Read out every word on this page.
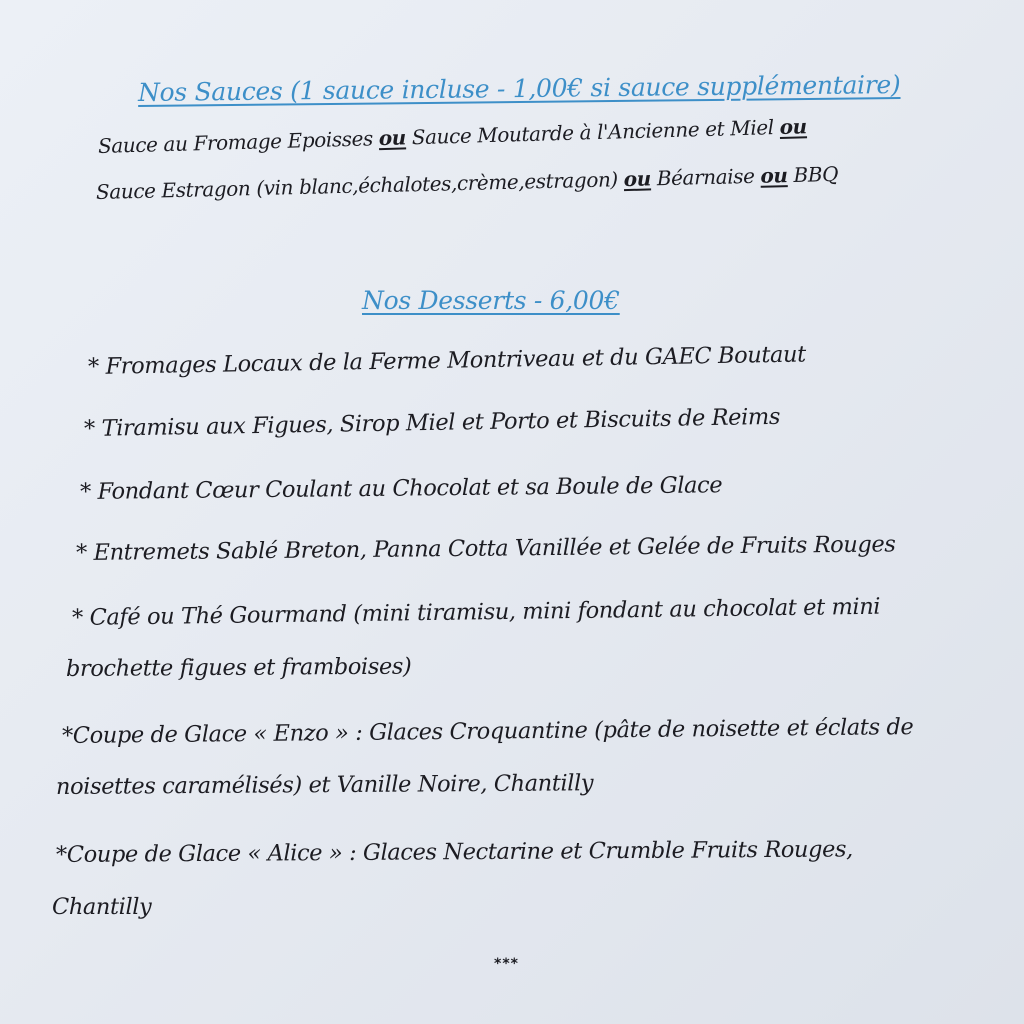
Nos Sauces (1 sauce incluse - 1,00€ si sauce supplémentaire)
Sauce au Fromage Epoisses ou Sauce Moutarde à l'Ancienne et Miel ou
Sauce Estragon (vin blanc,échalotes,crème,estragon) ou Béarnaise ou BBQ
Nos Desserts - 6,00€
* Fromages Locaux de la Ferme Montriveau et du GAEC Boutaut
* Tiramisu aux Figues, Sirop Miel et Porto et Biscuits de Reims
* Fondant Cœur Coulant au Chocolat et sa Boule de Glace
* Entremets Sablé Breton, Panna Cotta Vanillée et Gelée de Fruits Rouges
* Café ou Thé Gourmand (mini tiramisu, mini fondant au chocolat et mini
brochette figues et framboises)
*Coupe de Glace « Enzo » : Glaces Croquantine (pâte de noisette et éclats de
noisettes caramélisés) et Vanille Noire, Chantilly
*Coupe de Glace « Alice » : Glaces Nectarine et Crumble Fruits Rouges,
Chantilly
***
